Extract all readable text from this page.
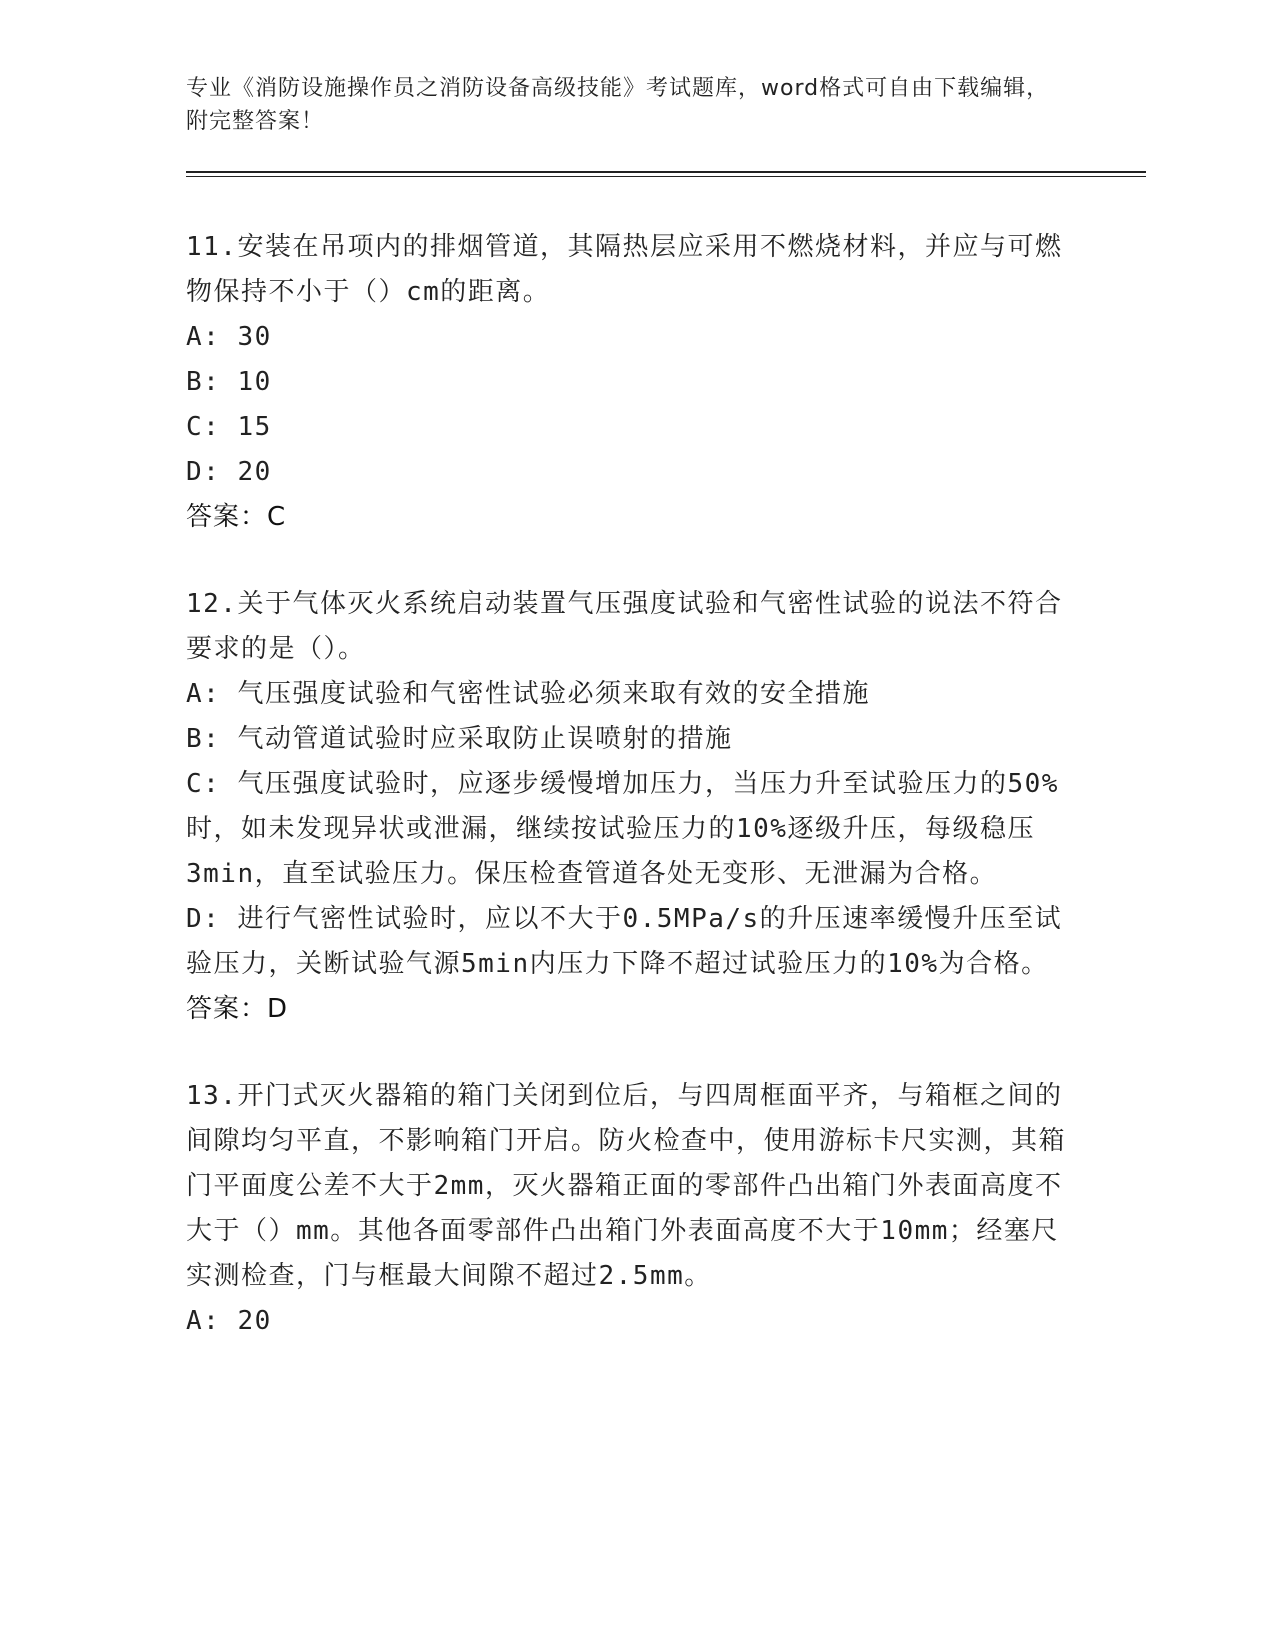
专业《消防设施操作员之消防设备高级技能》考试题库，word格式可自由下载编辑，附完整答案！
11.安装在吊项内的排烟管道，其隔热层应采用不燃烧材料，并应与可燃物保持不小于（）cm的距离。
A: 30
B: 10
C: 15
D: 20
答案：C
12.关于气体灭火系统启动装置气压强度试验和气密性试验的说法不符合要求的是（）。
A: 气压强度试验和气密性试验必须来取有效的安全措施
B: 气动管道试验时应采取防止误喷射的措施
C: 气压强度试验时，应逐步缓慢增加压力，当压力升至试验压力的50%时，如未发现异状或泄漏，继续按试验压力的10%逐级升压，每级稳压3min，直至试验压力。保压检查管道各处无变形、无泄漏为合格。
D: 进行气密性试验时，应以不大于0.5MPa/s的升压速率缓慢升压至试验压力，关断试验气源5min内压力下降不超过试验压力的10%为合格。
答案：D
13.开门式灭火器箱的箱门关闭到位后，与四周框面平齐，与箱框之间的间隙均匀平直，不影响箱门开启。防火检查中，使用游标卡尺实测，其箱门平面度公差不大于2mm，灭火器箱正面的零部件凸出箱门外表面高度不大于（）mm。其他各面零部件凸出箱门外表面高度不大于10mm；经塞尺实测检查，门与框最大间隙不超过2.5mm。
A: 20
